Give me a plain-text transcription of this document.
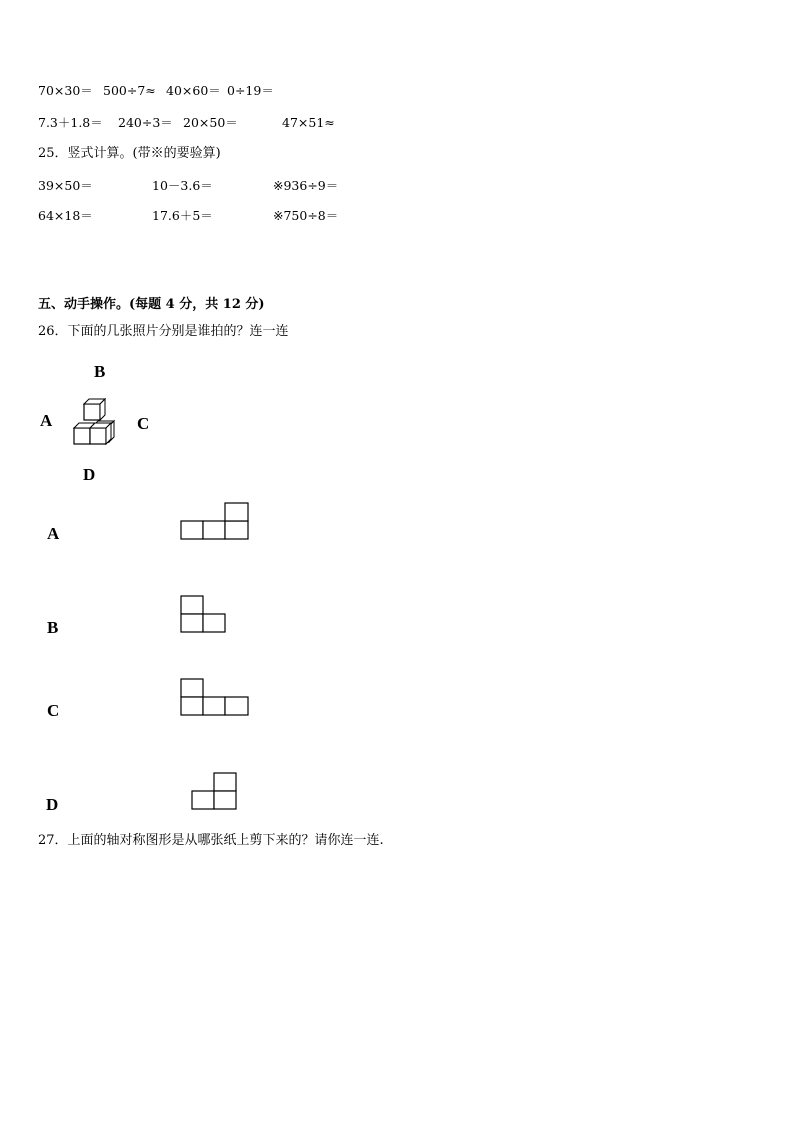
70×30＝ 500÷7≈ 40×60＝ 0÷19＝
7.3＋1.8＝ 240÷3＝ 20×50＝	47×51≈
25．竖式计算。(带※的要验算)
39×50＝	10－3.6＝	※936÷9＝
64×18＝	17.6＋5＝	※750÷8＝
五、动手操作。(每题 4 分，共 12 分)
26．下面的几张照片分别是谁拍的？连一连
B
A	C
D
A
B
C
D
27．上面的轴对称图形是从哪张纸上剪下来的？请你连一连.
